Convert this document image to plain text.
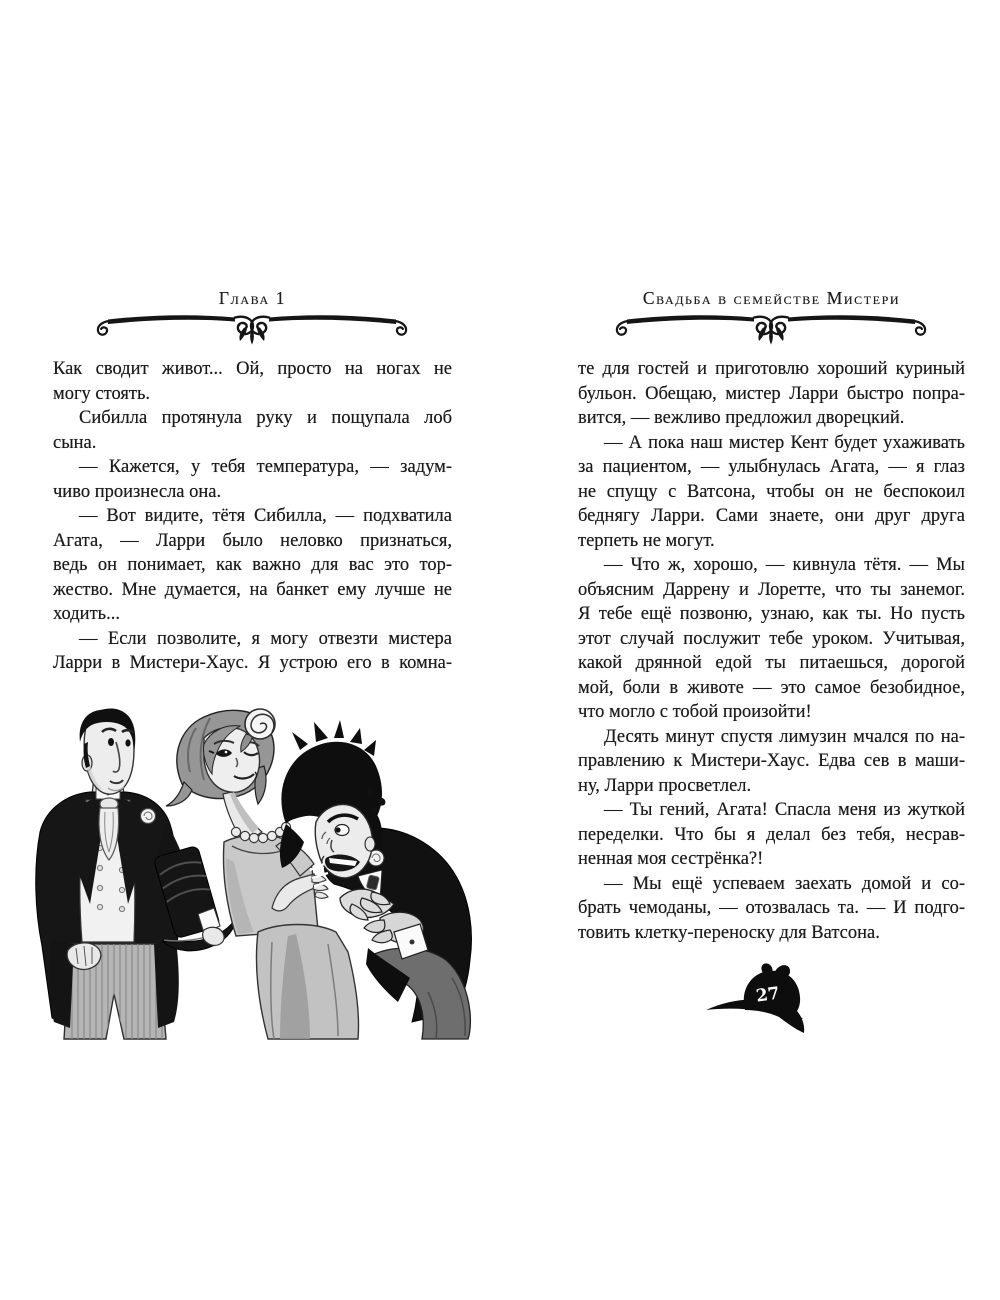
Глава 1
Как сводит живот... Ой, просто на ногах не
могу стоять.
Сибилла протянула руку и пощупала лоб
сына.
— Кажется, у тебя температура, — задум-
чиво произнесла она.
— Вот видите, тётя Сибилла, — подхватила
Агата, — Ларри было неловко признаться,
ведь он понимает, как важно для вас это тор-
жество. Мне думается, на банкет ему лучше не
ходить...
— Если позволите, я могу отвезти мистера
Ларри в Мистери-Хаус. Я устрою его в комна-
Свадьба в семействе Мистери
те для гостей и приготовлю хороший куриный
бульон. Обещаю, мистер Ларри быстро попра-
вится, — вежливо предложил дворецкий.
— А пока наш мистер Кент будет ухаживать
за пациентом, — улыбнулась Агата, — я глаз
не спущу с Ватсона, чтобы он не беспокоил
беднягу Ларри. Сами знаете, они друг друга
терпеть не могут.
— Что ж, хорошо, — кивнула тётя. — Мы
объясним Даррену и Лоретте, что ты занемог.
Я тебе ещё позвоню, узнаю, как ты. Но пусть
этот случай послужит тебе уроком. Учитывая,
какой дрянной едой ты питаешься, дорогой
мой, боли в животе — это самое безобидное,
что могло с тобой произойти!
Десять минут спустя лимузин мчался по на-
правлению к Мистери-Хаус. Едва сев в маши-
ну, Ларри просветлел.
— Ты гений, Агата! Спасла меня из жуткой
переделки. Что бы я делал без тебя, несрав-
ненная моя сестрёнка?!
— Мы ещё успеваем заехать домой и со-
брать чемоданы, — отозвалась та. — И подго-
товить клетку-переноску для Ватсона.
27
